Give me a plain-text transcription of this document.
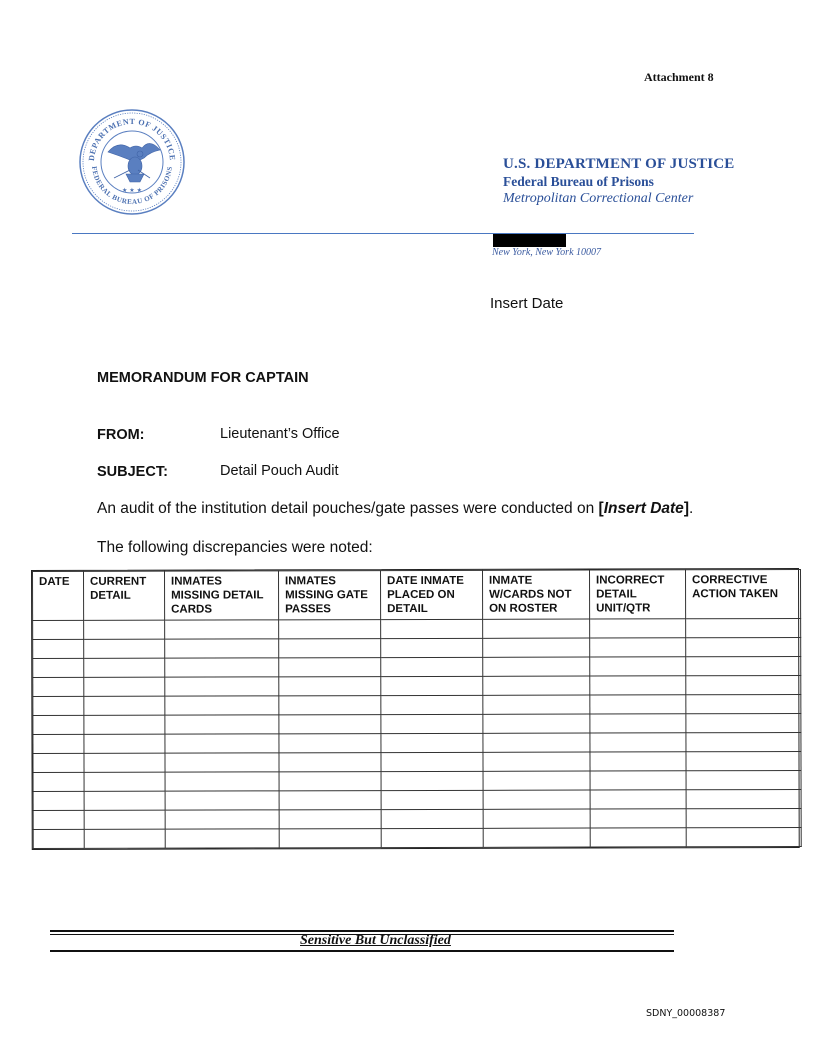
Attachment 8
DEPARTMENT OF JUSTICE
FEDERAL BUREAU OF PRISONS
★ ★ ★
U.S. DEPARTMENT OF JUSTICE
Federal Bureau of Prisons
Metropolitan Correctional Center
New York, New York 10007
Insert Date
MEMORANDUM FOR CAPTAIN
FROM:	Lieutenant’s Office
SUBJECT:	Detail Pouch Audit
An audit of the institution detail pouches/gate passes were conducted on [Insert Date].
The following discrepancies were noted:
DATE	CURRENT DETAIL	INMATES MISSING DETAIL CARDS	INMATES MISSING GATE PASSES	DATE INMATE PLACED ON DETAIL	INMATE W/CARDS NOT ON ROSTER	INCORRECT DETAIL UNIT/QTR	CORRECTIVE ACTION TAKEN

Sensitive But Unclassified
SDNY_00008387
